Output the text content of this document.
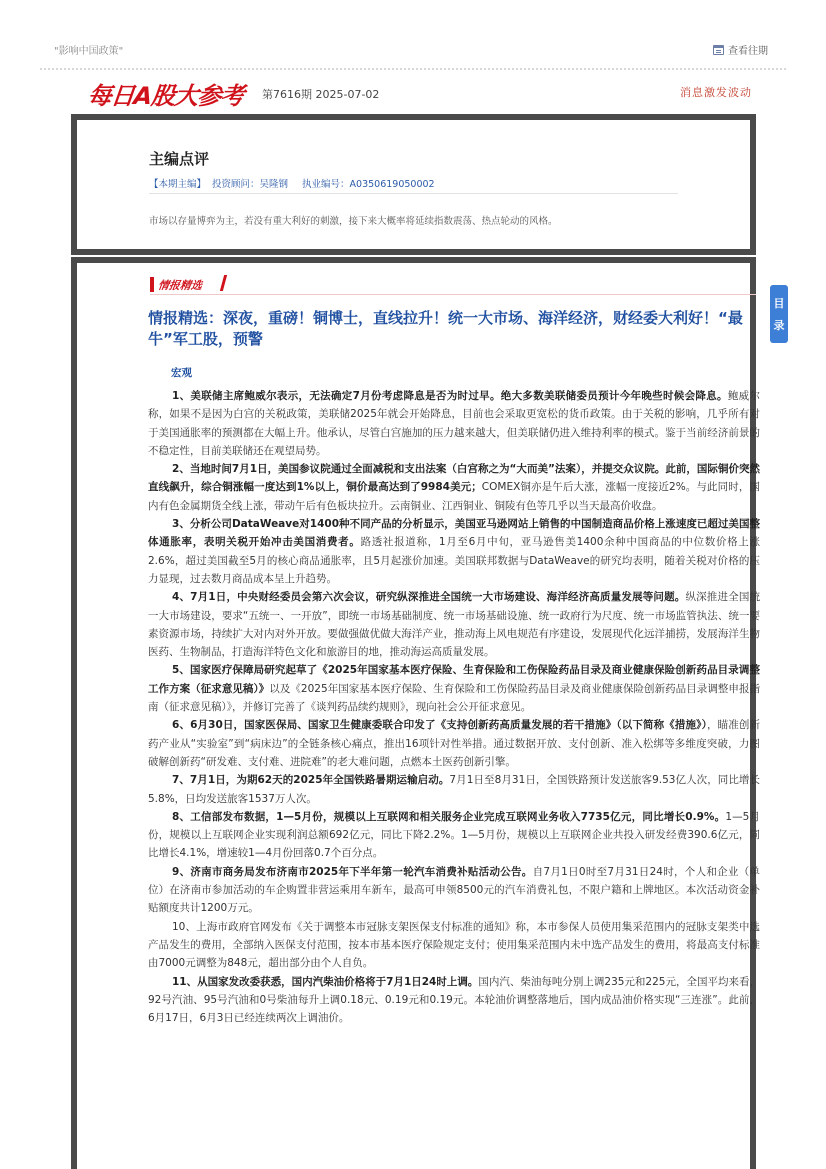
"影响中国政策"	查看往期
每日A股大参考 第7616期 2025-07-02	消息激发波动
主编点评
【本期主编】 投资顾问：吴隆钢 执业编号：A0350619050002
市场以存量博弈为主，若没有重大利好的刺激，接下来大概率将延续指数震荡、热点轮动的风格。
情报精选
情报精选：深夜，重磅！铜博士，直线拉升！统一大市场、海洋经济，财经委大利好！“最牛”军工股，预警
宏观

1、美联储主席鲍威尔表示，无法确定7月份考虑降息是否为时过早。绝大多数美联储委员预计今年晚些时候会降息。鲍威尔称，如果不是因为白宫的关税政策，美联储2025年就会开始降息，目前也会采取更宽松的货币政策。由于关税的影响，几乎所有对于美国通胀率的预测都在大幅上升。他承认，尽管白宫施加的压力越来越大，但美联储仍进入维持利率的模式。鉴于当前经济前景的不稳定性，目前美联储还在观望局势。

2、当地时间7月1日，美国参议院通过全面减税和支出法案（白宫称之为“大而美”法案），并提交众议院。此前，国际铜价突然直线飙升，综合铜涨幅一度达到1%以上，铜价最高达到了9984美元；COMEX铜亦是午后大涨，涨幅一度接近2%。与此同时，国内有色金属期货全线上涨，带动午后有色板块拉升。云南铜业、江西铜业、铜陵有色等几乎以当天最高价收盘。

3、分析公司DataWeave对1400种不同产品的分析显示，美国亚马逊网站上销售的中国制造商品价格上涨速度已超过美国整体通胀率，表明关税开始冲击美国消费者。路透社报道称，1月至6月中旬，亚马逊售美1400余种中国商品的中位数价格上涨2.6%，超过美国截至5月的核心商品通胀率，且5月起涨价加速。美国联邦数据与DataWeave的研究均表明，随着关税对价格的压力显现，过去数月商品成本呈上升趋势。

4、7月1日，中央财经委员会第六次会议，研究纵深推进全国统一大市场建设、海洋经济高质量发展等问题。纵深推进全国统一大市场建设，要求“五统一、一开放”，即统一市场基础制度、统一市场基础设施、统一政府行为尺度、统一市场监管执法、统一要素资源市场，持续扩大对内对外开放。要做强做优做大海洋产业，推动海上风电规范有序建设，发展现代化远洋捕捞，发展海洋生物医药、生物制品，打造海洋特色文化和旅游目的地，推动海运高质量发展。

5、国家医疗保障局研究起草了《2025年国家基本医疗保险、生育保险和工伤保险药品目录及商业健康保险创新药品目录调整工作方案（征求意见稿）》以及《2025年国家基本医疗保险、生育保险和工伤保险药品目录及商业健康保险创新药品目录调整申报指南（征求意见稿）》，并修订完善了《谈判药品续约规则》，现向社会公开征求意见。

6、6月30日，国家医保局、国家卫生健康委联合印发了《支持创新药高质量发展的若干措施》（以下简称《措施》），瞄准创新药产业从“实验室”到“病床边”的全链条核心痛点，推出16项针对性举措。通过数据开放、支付创新、准入松绑等多维度突破，力图破解创新药“研发难、支付难、进院难”的老大难问题，点燃本土医药创新引擎。

7、7月1日，为期62天的2025年全国铁路暑期运输启动。7月1日至8月31日，全国铁路预计发送旅客9.53亿人次，同比增长5.8%，日均发送旅客1537万人次。

8、工信部发布数据，1—5月份，规模以上互联网和相关服务企业完成互联网业务收入7735亿元，同比增长0.9%。1—5月份，规模以上互联网企业实现利润总额692亿元，同比下降2.2%。1—5月份，规模以上互联网企业共投入研发经费390.6亿元，同比增长4.1%，增速较1—4月份回落0.7个百分点。

9、济南市商务局发布济南市2025年下半年第一轮汽车消费补贴活动公告。自7月1日0时至7月31日24时，个人和企业（单位）在济南市参加活动的车企购置非营运乘用车新车，最高可申领8500元的汽车消费礼包，不限户籍和上牌地区。本次活动资金补贴额度共计1200万元。

10、上海市政府官网发布《关于调整本市冠脉支架医保支付标准的通知》称，本市参保人员使用集采范围内的冠脉支架类中选产品发生的费用，全部纳入医保支付范围，按本市基本医疗保险规定支付；使用集采范围内未中选产品发生的费用，将最高支付标准由7000元调整为848元，超出部分由个人自负。

11、从国家发改委获悉，国内汽柴油价格将于7月1日24时上调。国内汽、柴油每吨分别上调235元和225元，全国平均来看，92号汽油、95号汽油和0号柴油每升上调0.18元、0.19元和0.19元。本轮油价调整落地后，国内成品油价格实现“三连涨”。此前，6月17日，6月3日已经连续两次上调油价。

目
录
